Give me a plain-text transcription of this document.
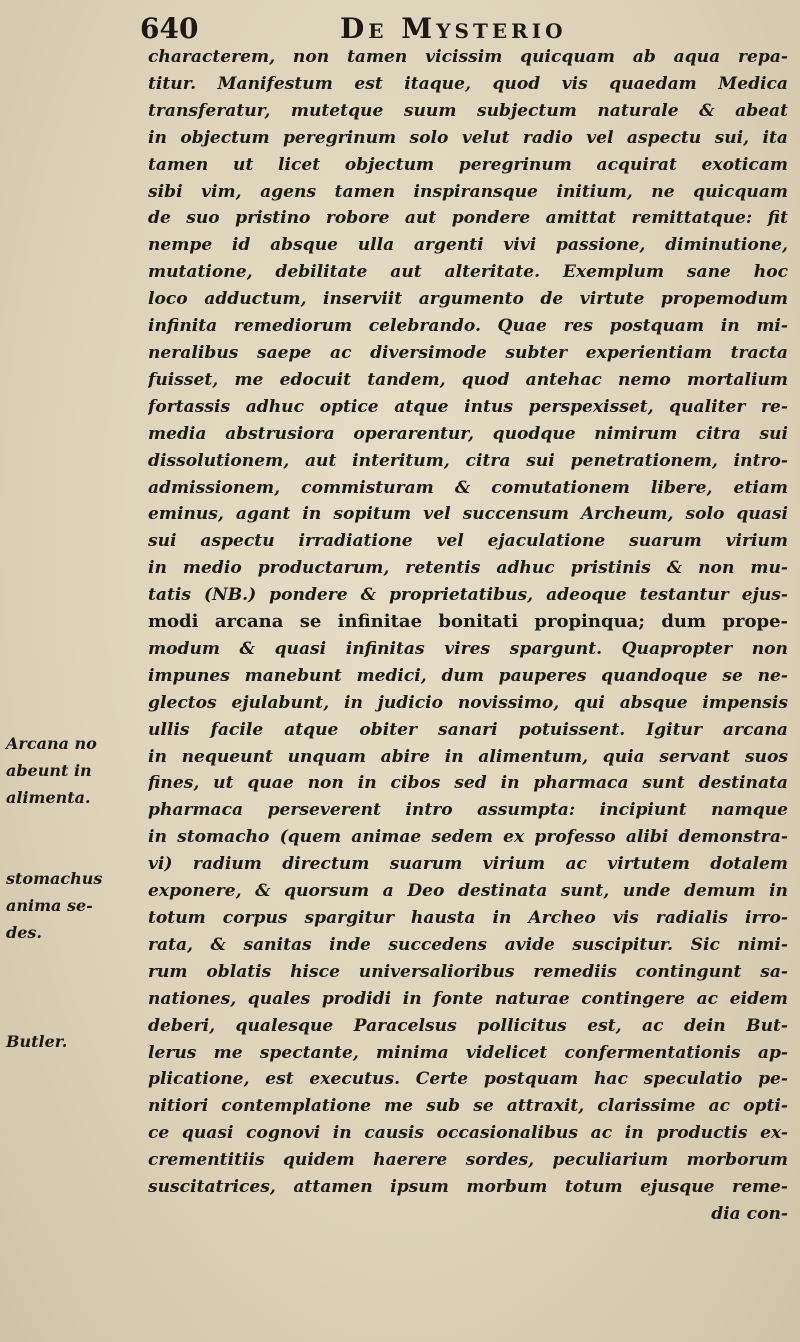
640	De Mysterio
characterem, non tamen vicissim quicquam ab aqua repa-
titur. Manifestum est itaque, quod vis quaedam Medica
transferatur, mutetque suum subjectum naturale & abeat
in objectum peregrinum solo velut radio vel aspectu sui, ita
tamen ut licet objectum peregrinum acquirat exoticam
sibi vim, agens tamen inspiransque initium, ne quicquam
de suo pristino robore aut pondere amittat remittatque: fit
nempe id absque ulla argenti vivi passione, diminutione,
mutatione, debilitate aut alteritate. Exemplum sane hoc
loco adductum, inserviit argumento de virtute propemodum
infinita remediorum celebrando. Quae res postquam in mi-
neralibus saepe ac diversimode subter experientiam tracta
fuisset, me edocuit tandem, quod antehac nemo mortalium
fortassis adhuc optice atque intus perspexisset, qualiter re-
media abstrusiora operarentur, quodque nimirum citra sui
dissolutionem, aut interitum, citra sui penetrationem, intro-
admissionem, commisturam & comutationem libere, etiam
eminus, agant in sopitum vel succensum Archeum, solo quasi
sui aspectu irradiatione vel ejaculatione suarum virium
in medio productarum, retentis adhuc pristinis & non mu-
tatis (NB.) pondere & proprietatibus, adeoque testantur ejus-
modi arcana se infinitae bonitati propinqua; dum prope-
modum & quasi infinitas vires spargunt. Quapropter non
impunes manebunt medici, dum pauperes quandoque se ne-
glectos ejulabunt, in judicio novissimo, qui absque impensis
ullis facile atque obiter sanari potuissent. Igitur arcana
in nequeunt unquam abire in alimentum, quia servant suos
fines, ut quae non in cibos sed in pharmaca sunt destinata
pharmaca perseverent intro assumpta: incipiunt namque
in stomacho (quem animae sedem ex professo alibi demonstra-
vi) radium directum suarum virium ac virtutem dotalem
exponere, & quorsum a Deo destinata sunt, unde demum in
totum corpus spargitur hausta in Archeo vis radialis irro-
rata, & sanitas inde succedens avide suscipitur. Sic nimi-
rum oblatis hisce universalioribus remediis contingunt sa-
nationes, quales prodidi in fonte naturae contingere ac eidem
deberi, qualesque Paracelsus pollicitus est, ac dein But-
lerus me spectante, minima videlicet confermentationis ap-
plicatione, est executus. Certe postquam hac speculatio pe-
nitiori contemplatione me sub se attraxit, clarissime ac opti-
ce quasi cognovi in causis occasionalibus ac in productis ex-
crementitiis quidem haerere sordes, peculiarium morborum
suscitatrices, attamen ipsum morbum totum ejusque reme-
dia con-
Arcana no
abeunt in
alimenta.
stomachus
anima se-
des.
Butler.
